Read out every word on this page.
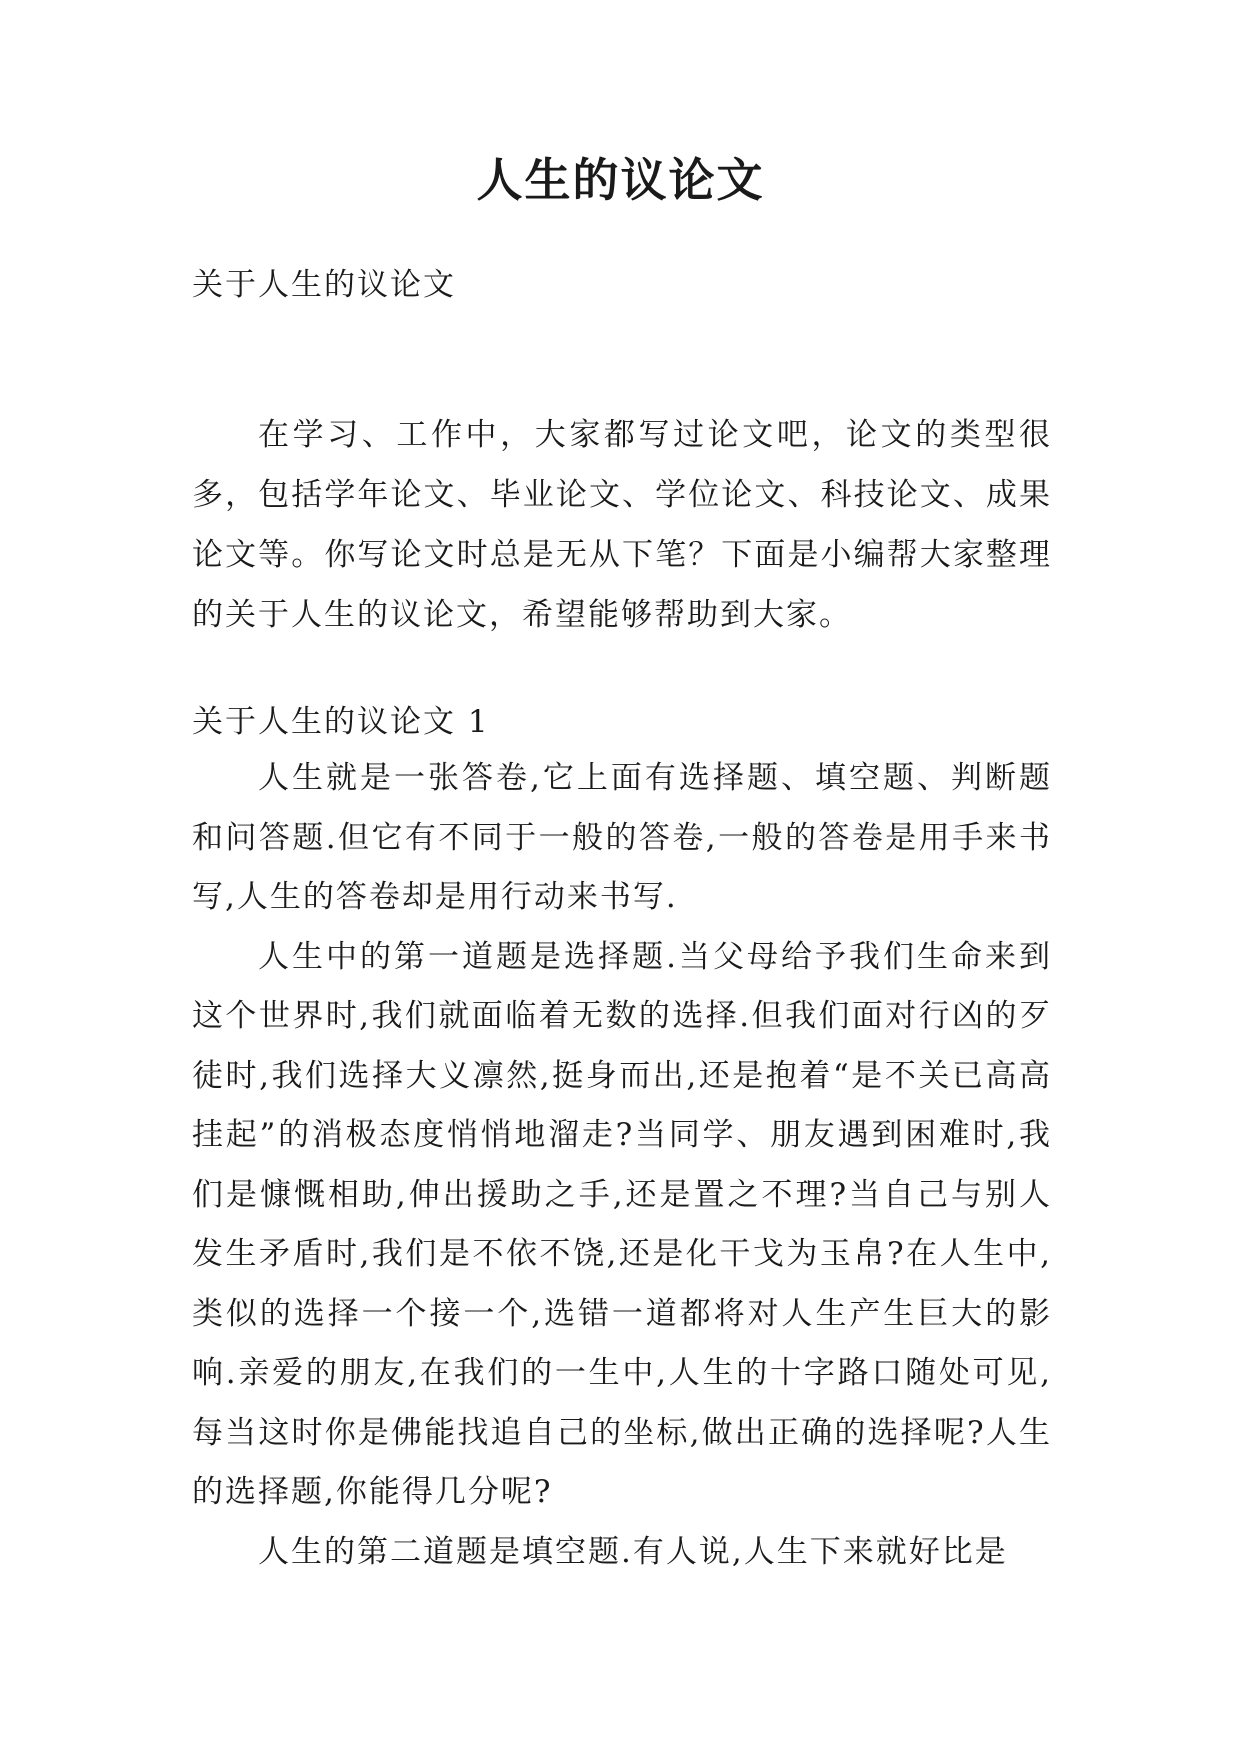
人生的议论文
关于人生的议论文

在学习、工作中，大家都写过论文吧，论文的类型很多，包括学年论文、毕业论文、学位论文、科技论文、成果论文等。你写论文时总是无从下笔？下面是小编帮大家整理的关于人生的议论文，希望能够帮助到大家。

关于人生的议论文 1

人生就是一张答卷,它上面有选择题、填空题、判断题和问答题.但它有不同于一般的答卷,一般的答卷是用手来书写,人生的答卷却是用行动来书写.

人生中的第一道题是选择题.当父母给予我们生命来到这个世界时,我们就面临着无数的选择.但我们面对行凶的歹徒时,我们选择大义凛然,挺身而出,还是抱着“是不关已高高挂起”的消极态度悄悄地溜走?当同学、朋友遇到困难时,我们是慷慨相助,伸出援助之手,还是置之不理?当自己与别人发生矛盾时,我们是不依不饶,还是化干戈为玉帛?在人生中,类似的选择一个接一个,选错一道都将对人生产生巨大的影响.亲爱的朋友,在我们的一生中,人生的十字路口随处可见,每当这时你是佛能找追自己的坐标,做出正确的选择呢?人生的选择题,你能得几分呢?

人生的第二道题是填空题.有人说,人生下来就好比是
